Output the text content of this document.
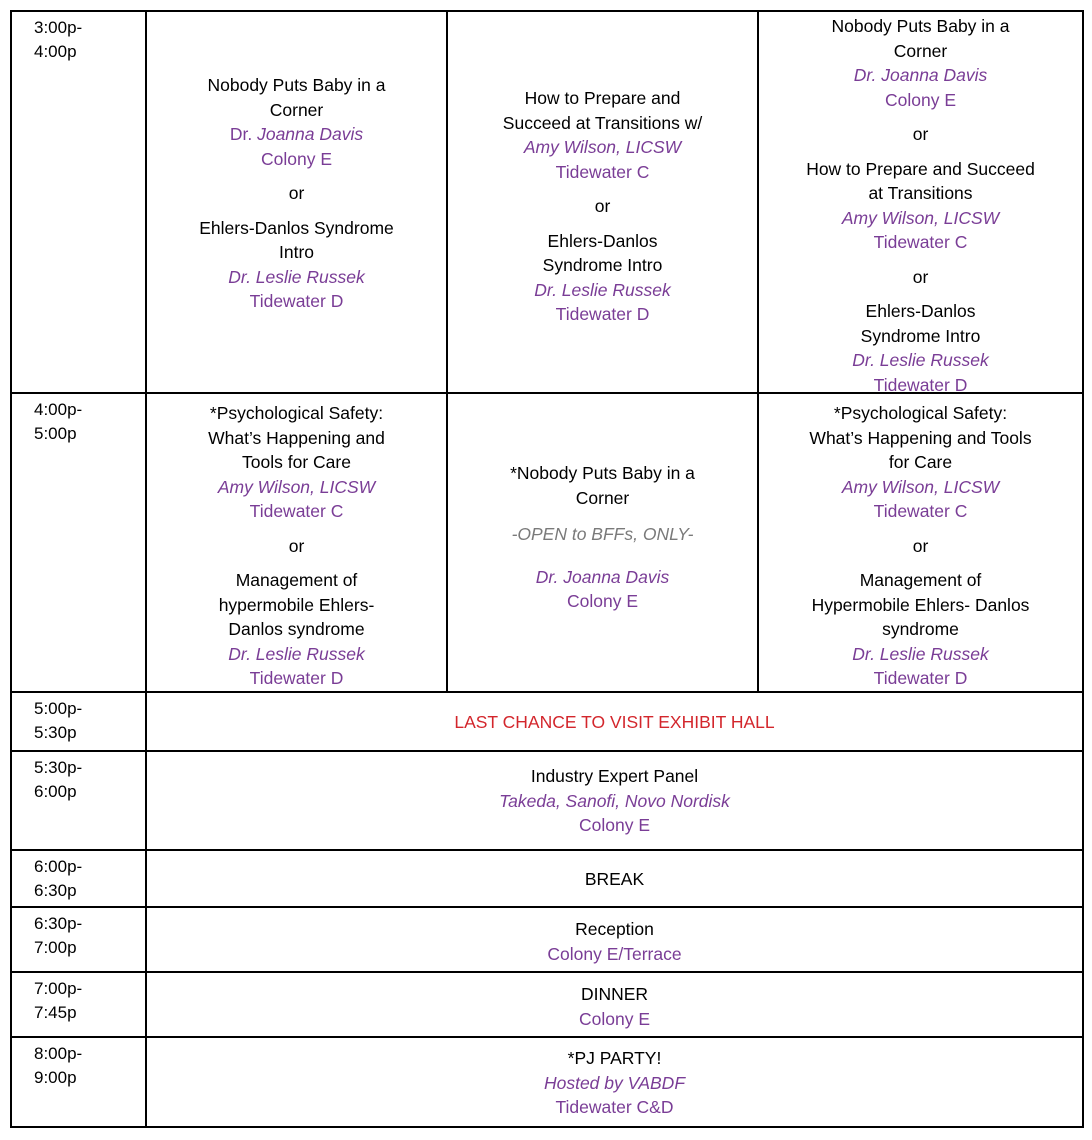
3:00p-
4:00p
4:00p-
5:00p
5:00p-
5:30p
5:30p-
6:00p
6:00p-
6:30p
6:30p-
7:00p
7:00p-
7:45p
8:00p-
9:00p
Nobody Puts Baby in a
Corner
Dr. Joanna Davis
Colony E
or
Ehlers-Danlos Syndrome
Intro
Dr. Leslie Russek
Tidewater D
How to Prepare and
Succeed at Transitions w/
Amy Wilson, LICSW
Tidewater C
or
Ehlers-Danlos
Syndrome Intro
Dr. Leslie Russek
Tidewater D
Nobody Puts Baby in a
Corner
Dr. Joanna Davis
Colony E
or
How to Prepare and Succeed
at Transitions
Amy Wilson, LICSW
Tidewater C
or
Ehlers-Danlos
Syndrome Intro
Dr. Leslie Russek
Tidewater D
*Psychological Safety:
What’s Happening and
Tools for Care
Amy Wilson, LICSW
Tidewater C
or
Management of
hypermobile Ehlers-
Danlos syndrome
Dr. Leslie Russek
Tidewater D
*Nobody Puts Baby in a
Corner
-OPEN to BFFs, ONLY-
Dr. Joanna Davis
Colony E
*Psychological Safety:
What’s Happening and Tools
for Care
Amy Wilson, LICSW
Tidewater C
or
Management of
Hypermobile Ehlers- Danlos
syndrome
Dr. Leslie Russek
Tidewater D
LAST CHANCE TO VISIT EXHIBIT HALL
Industry Expert Panel
Takeda, Sanofi, Novo Nordisk
Colony E
BREAK
Reception
Colony E/Terrace
DINNER
Colony E
*PJ PARTY!
Hosted by VABDF
Tidewater C&D
